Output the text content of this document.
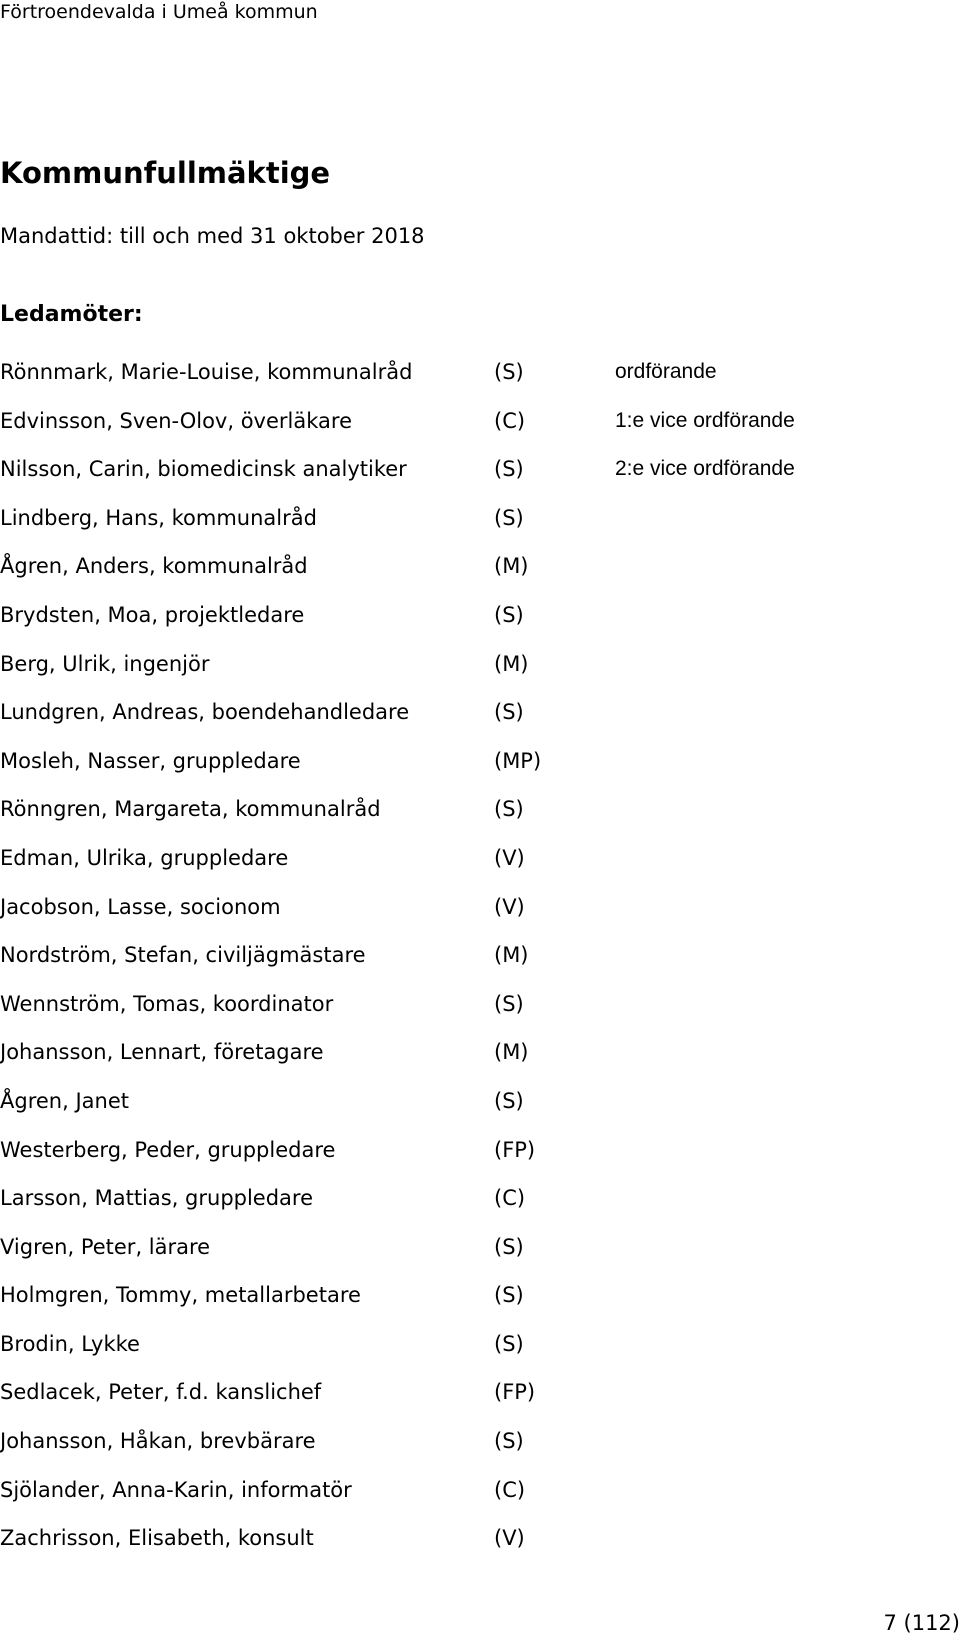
Förtroendevalda i Umeå kommun
Kommunfullmäktige
Mandattid: till och med 31 oktober 2018
Ledamöter:
Rönnmark, Marie-Louise, kommunalråd	(S)	ordförande
Edvinsson, Sven-Olov, överläkare	(C)	1:e vice ordförande
Nilsson, Carin, biomedicinsk analytiker	(S)	2:e vice ordförande
Lindberg, Hans, kommunalråd	(S)
Ågren, Anders, kommunalråd	(M)
Brydsten, Moa, projektledare	(S)
Berg, Ulrik, ingenjör	(M)
Lundgren, Andreas, boendehandledare	(S)
Mosleh, Nasser, gruppledare	(MP)
Rönngren, Margareta, kommunalråd	(S)
Edman, Ulrika, gruppledare	(V)
Jacobson, Lasse, socionom	(V)
Nordström, Stefan, civiljägmästare	(M)
Wennström, Tomas, koordinator	(S)
Johansson, Lennart, företagare	(M)
Ågren, Janet	(S)
Westerberg, Peder, gruppledare	(FP)
Larsson, Mattias, gruppledare	(C)
Vigren, Peter, lärare	(S)
Holmgren, Tommy, metallarbetare	(S)
Brodin, Lykke	(S)
Sedlacek, Peter, f.d. kanslichef	(FP)
Johansson, Håkan, brevbärare	(S)
Sjölander, Anna-Karin, informatör	(C)
Zachrisson, Elisabeth, konsult	(V)
7 (112)
